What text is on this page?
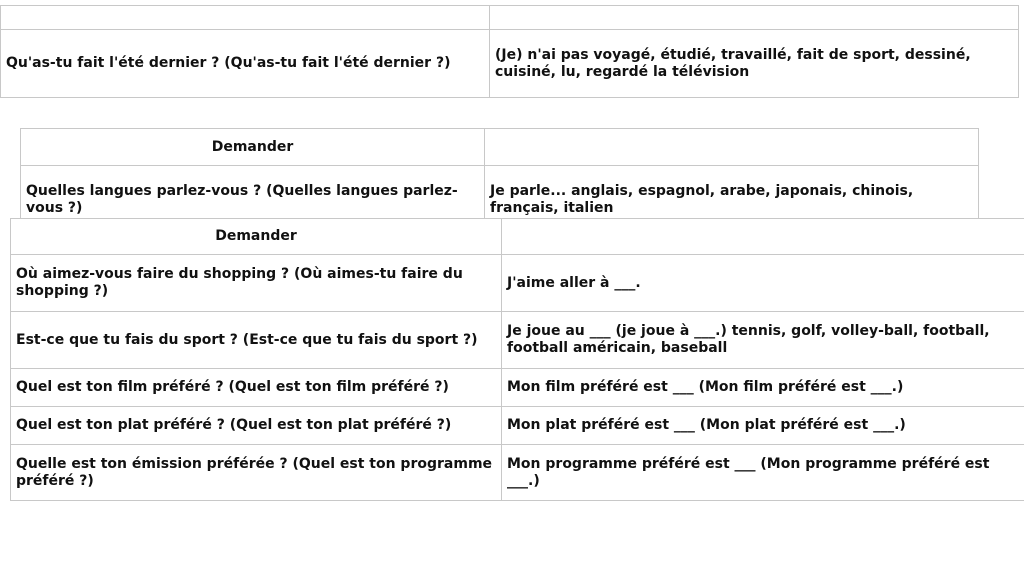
Qu'as-tu fait l'été dernier ? (Qu'as-tu fait l'été dernier ?)	(Je) n'ai pas voyagé, étudié, travaillé, fait de sport, dessiné, cuisiné, lu, regardé la télévision
Demander	
Quelles langues parlez-vous ? (Quelles langues parlez-vous ?)	Je parle... anglais, espagnol, arabe, japonais, chinois, français, italien
Demander	
Où aimez-vous faire du shopping ? (Où aimes-tu faire du shopping ?)	J'aime aller à ___.
Est-ce que tu fais du sport ? (Est-ce que tu fais du sport ?)	Je joue au ___ (je joue à ___.) tennis, golf, volley-ball, football, football américain, baseball
Quel est ton film préféré ? (Quel est ton film préféré ?)	Mon film préféré est ___ (Mon film préféré est ___.)
Quel est ton plat préféré ? (Quel est ton plat préféré ?)	Mon plat préféré est ___ (Mon plat préféré est ___.)
Quelle est ton émission préférée ? (Quel est ton programme préféré ?)	Mon programme préféré est ___ (Mon programme préféré est ___.)
